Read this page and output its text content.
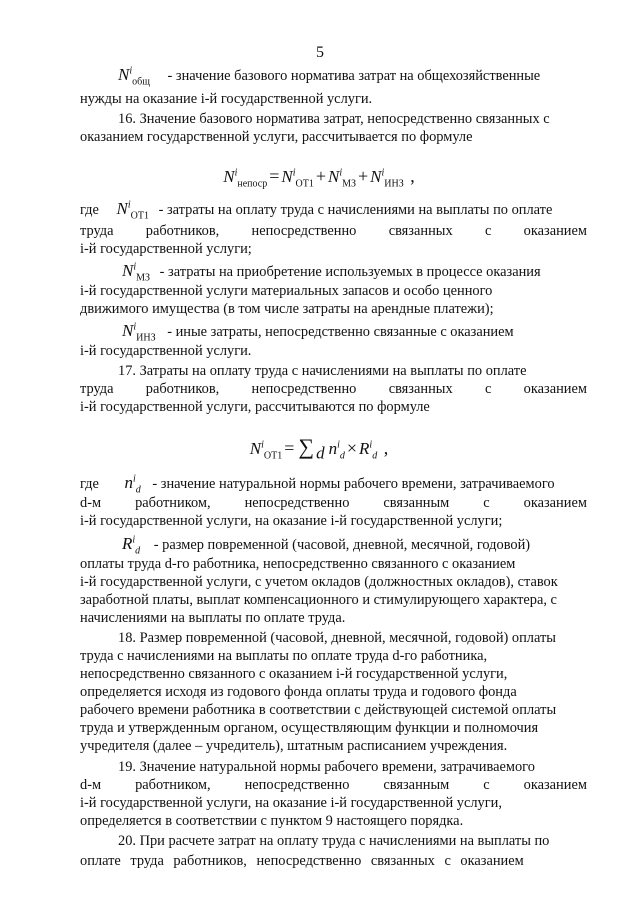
5
$N^i_{общ}$ - значение базового норматива затрат на общехозяйственные
нужды на оказание i-й государственной услуги.
16. Значение базового норматива затрат, непосредственно связанных с
оказанием государственной услуги, рассчитывается по формуле
$N^i_{непоср} = N^i_{ОТ1} + N^i_{МЗ} + N^i_{ИНЗ}$ ,
где $N^i_{ОТ1}$ - затраты на оплату труда с начислениями на выплаты по оплате
труда работников, непосредственно связанных с оказанием
i-й государственной услуги;
$N^i_{МЗ}$ - затраты на приобретение используемых в процессе оказания
i-й государственной услуги материальных запасов и особо ценного
движимого имущества (в том числе затраты на арендные платежи);
$N^i_{ИНЗ}$ - иные затраты, непосредственно связанные с оказанием
i-й государственной услуги.
17. Затраты на оплату труда с начислениями на выплаты по оплате
труда работников, непосредственно связанных с оказанием
i-й государственной услуги, рассчитываются по формуле
$N^i_{ОТ1}$ = ∑ $_d$ $n^i_d \times R^i_d$ ,
где $n^i_d$ - значение натуральной нормы рабочего времени, затрачиваемого
d-м работником, непосредственно связанным с оказанием
i-й государственной услуги, на оказание i-й государственной услуги;
$R^i_d$ - размер повременной (часовой, дневной, месячной, годовой)
оплаты труда d-го работника, непосредственно связанного с оказанием
i-й государственной услуги, с учетом окладов (должностных окладов), ставок
заработной платы, выплат компенсационного и стимулирующего характера, с
начислениями на выплаты по оплате труда.
18. Размер повременной (часовой, дневной, месячной, годовой) оплаты
труда с начислениями на выплаты по оплате труда d-го работника,
непосредственно связанного с оказанием i-й государственной услуги,
определяется исходя из годового фонда оплаты труда и годового фонда
рабочего времени работника в соответствии с действующей системой оплаты
труда и утвержденным органом, осуществляющим функции и полномочия
учредителя (далее – учредитель), штатным расписанием учреждения.
19. Значение натуральной нормы рабочего времени, затрачиваемого
d-м работником, непосредственно связанным с оказанием
i-й государственной услуги, на оказание i-й государственной услуги,
определяется в соответствии с пунктом 9 настоящего порядка.
20. При расчете затрат на оплату труда с начислениями на выплаты по
оплате труда работников, непосредственно связанных с оказанием
